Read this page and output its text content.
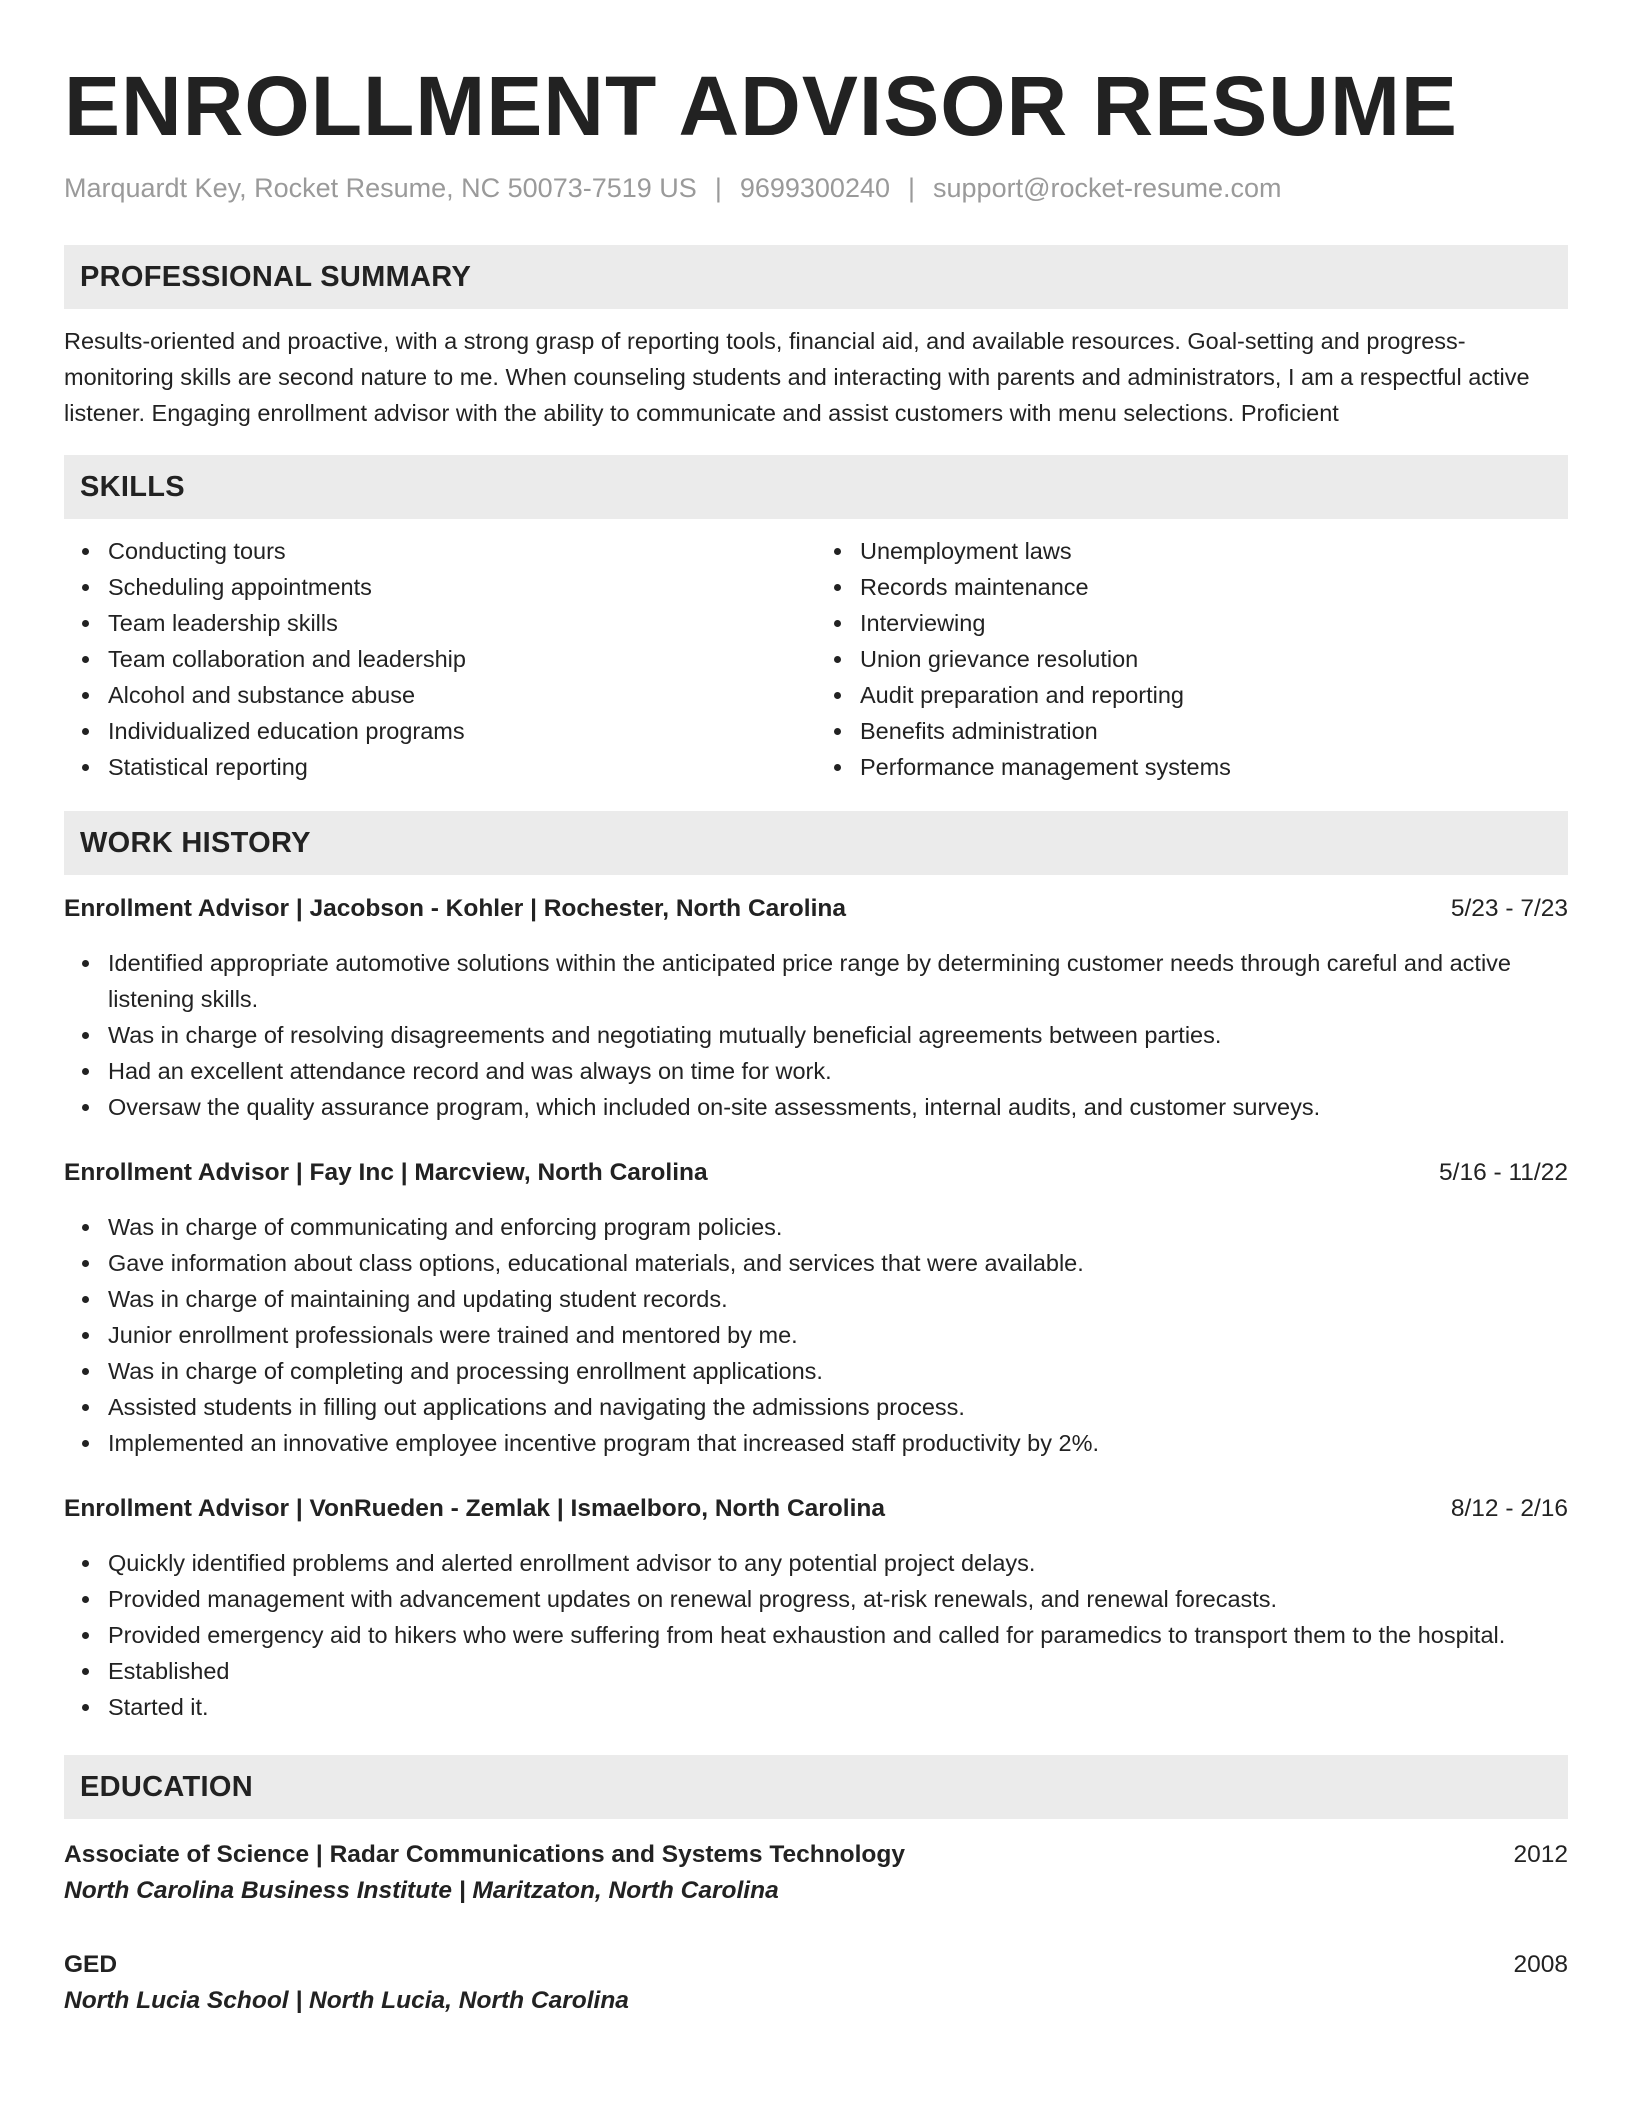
ENROLLMENT ADVISOR RESUME
Marquardt Key, Rocket Resume, NC 50073-7519 US | 9699300240 | support@rocket-resume.com
PROFESSIONAL SUMMARY

Results-oriented and proactive, with a strong grasp of reporting tools, financial aid, and available resources. Goal-setting and progress-monitoring skills are second nature to me. When counseling students and interacting with parents and administrators, I am a respectful active listener. Engaging enrollment advisor with the ability to communicate and assist customers with menu selections. Proficient

SKILLS
Conducting tours
Scheduling appointments
Team leadership skills
Team collaboration and leadership
Alcohol and substance abuse
Individualized education programs
Statistical reporting
Unemployment laws
Records maintenance
Interviewing
Union grievance resolution
Audit preparation and reporting
Benefits administration
Performance management systems
WORK HISTORY
Enrollment Advisor | Jacobson - Kohler | Rochester, North Carolina	5/23 - 7/23
Identified appropriate automotive solutions within the anticipated price range by determining customer needs through careful and active listening skills.
Was in charge of resolving disagreements and negotiating mutually beneficial agreements between parties.
Had an excellent attendance record and was always on time for work.
Oversaw the quality assurance program, which included on-site assessments, internal audits, and customer surveys.
Enrollment Advisor | Fay Inc | Marcview, North Carolina	5/16 - 11/22
Was in charge of communicating and enforcing program policies.
Gave information about class options, educational materials, and services that were available.
Was in charge of maintaining and updating student records.
Junior enrollment professionals were trained and mentored by me.
Was in charge of completing and processing enrollment applications.
Assisted students in filling out applications and navigating the admissions process.
Implemented an innovative employee incentive program that increased staff productivity by 2%.
Enrollment Advisor | VonRueden - Zemlak | Ismaelboro, North Carolina	8/12 - 2/16
Quickly identified problems and alerted enrollment advisor to any potential project delays.
Provided management with advancement updates on renewal progress, at-risk renewals, and renewal forecasts.
Provided emergency aid to hikers who were suffering from heat exhaustion and called for paramedics to transport them to the hospital.
Established
Started it.
EDUCATION
Associate of Science | Radar Communications and Systems Technology	2012
North Carolina Business Institute | Maritzaton, North Carolina
GED	2008
North Lucia School | North Lucia, North Carolina
